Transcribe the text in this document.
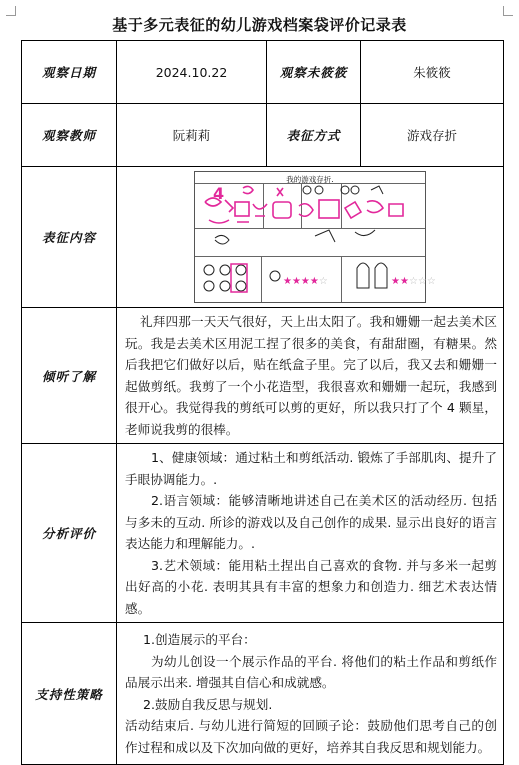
基于多元表征的幼儿游戏档案袋评价记录表
观察日期	2024.10.22	观察未筱筱	朱筱筱
观察教师	阮莉莉	表征方式	游戏存折
表征内容	我的游戏存折.
4
★★★★☆ ★★☆☆☆		

倾听了解	礼拜四那一天天气很好，天上出太阳了。我和姗姗一起去美术区玩。我是去美术区用泥工捏了很多的美食，有甜甜圈，有糖果。然后我把它们做好以后，贴在纸盒子里。完了以后，我又去和姗姗一起做剪纸。我剪了一个小花造型，我很喜欢和姗姗一起玩，我感到很开心。我觉得我的剪纸可以剪的更好，所以我只打了个 4 颗星，老师说我剪的很棒。		

分析评价	1、健康领域：通过粘土和剪纸活动. 锻炼了手部肌肉、提升了手眼协调能力。.

2.语言领域：能够清晰地讲述自己在美术区的活动经历. 包括与多未的互动. 所诊的游戏以及自己创作的成果. 显示出良好的语言表达能力和理解能力。.

3.艺术领域：能用粘土捏出自己喜欢的食物. 并与多米一起剪出好高的小花. 表明其具有丰富的想象力和创造力. 细艺术表达情感。		

支持性策略	1.创造展示的平台：

为幼儿创设一个展示作品的平台. 将他们的粘土作品和剪纸作品展示出来. 增强其自信心和成就感。

2.鼓励自我反思与规划.

活动结束后. 与幼儿进行简短的回顾子论：鼓励他们思考自己的创作过程和成以及下次加向做的更好，培养其自我反思和规划能力。		
